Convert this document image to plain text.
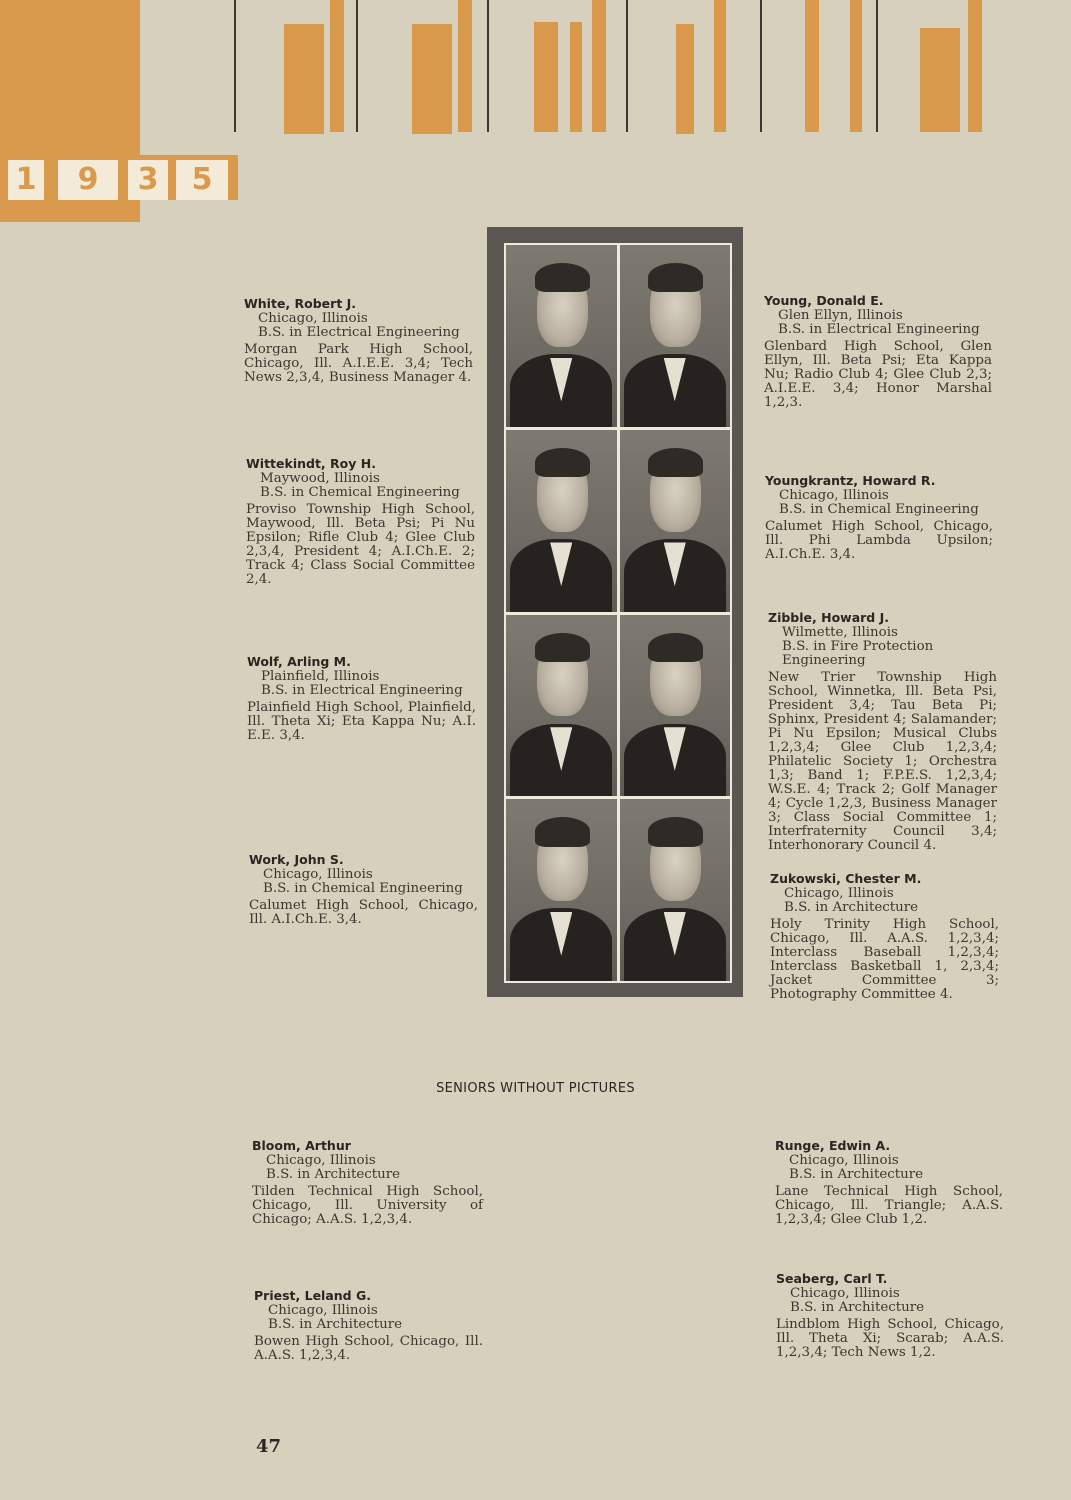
1	9	3	5
White, Robert J.
Chicago, Illinois
B.S. in Electrical Engineering
Morgan Park High School, Chicago, Ill. A.I.E.E. 3,4; Tech News 2,3,4, Business Manager 4.
Wittekindt, Roy H.
Maywood, Illinois
B.S. in Chemical Engineering
Proviso Township High School, Maywood, Ill. Beta Psi; Pi Nu Epsilon; Rifle Club 4; Glee Club 2,3,4, President 4; A.I.Ch.E. 2; Track 4; Class Social Committee 2,4.
Wolf, Arling M.
Plainfield, Illinois
B.S. in Electrical Engineering
Plainfield High School, Plainfield, Ill. Theta Xi; Eta Kappa Nu; A.I. E.E. 3,4.
Work, John S.
Chicago, Illinois
B.S. in Chemical Engineering
Calumet High School, Chicago, Ill. A.I.Ch.E. 3,4.
Young, Donald E.
Glen Ellyn, Illinois
B.S. in Electrical Engineering
Glenbard High School, Glen Ellyn, Ill. Beta Psi; Eta Kappa Nu; Radio Club 4; Glee Club 2,3; A.I.E.E. 3,4; Honor Marshal 1,2,3.
Youngkrantz, Howard R.
Chicago, Illinois
B.S. in Chemical Engineering
Calumet High School, Chicago, Ill. Phi Lambda Upsilon; A.I.Ch.E. 3,4.
Zibble, Howard J.
Wilmette, Illinois
B.S. in Fire Protection Engineering
New Trier Township High School, Winnetka, Ill. Beta Psi, President 3,4; Tau Beta Pi; Sphinx, President 4; Salamander; Pi Nu Epsilon; Musical Clubs 1,2,3,4; Glee Club 1,2,3,4; Philatelic Society 1; Orchestra 1,3; Band 1; F.P.E.S. 1,2,3,4; W.S.E. 4; Track 2; Golf Manager 4; Cycle 1,2,3, Business Manager 3; Class Social Committee 1; Interfraternity Council 3,4; Interhonorary Council 4.
Zukowski, Chester M.
Chicago, Illinois
B.S. in Architecture
Holy Trinity High School, Chicago, Ill. A.A.S. 1,2,3,4; Interclass Baseball 1,2,3,4; Interclass Basketball 1, 2,3,4; Jacket Committee 3; Photography Committee 4.
SENIORS WITHOUT PICTURES
Bloom, Arthur
Chicago, Illinois
B.S. in Architecture
Tilden Technical High School, Chicago, Ill. University of Chicago; A.A.S. 1,2,3,4.
Priest, Leland G.
Chicago, Illinois
B.S. in Architecture
Bowen High School, Chicago, Ill. A.A.S. 1,2,3,4.
Runge, Edwin A.
Chicago, Illinois
B.S. in Architecture
Lane Technical High School, Chicago, Ill. Triangle; A.A.S. 1,2,3,4; Glee Club 1,2.
Seaberg, Carl T.
Chicago, Illinois
B.S. in Architecture
Lindblom High School, Chicago, Ill. Theta Xi; Scarab; A.A.S. 1,2,3,4; Tech News 1,2.
47
